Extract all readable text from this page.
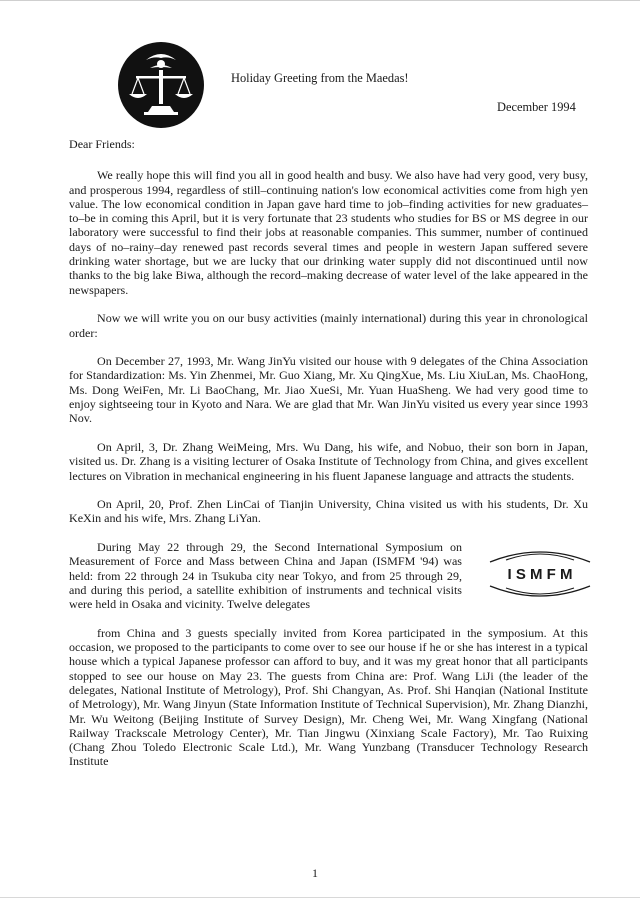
Holiday Greeting from the Maedas!
December 1994

Dear Friends:

We really hope this will find you all in good health and busy. We also have had very good, very busy, and prosperous 1994, regardless of still–continuing nation's low economical activities come from high yen value. The low economical condition in Japan gave hard time to job–finding activities for new graduates–to–be in coming this April, but it is very fortunate that 23 students who studies for BS or MS degree in our laboratory were successful to find their jobs at reasonable companies. This summer, number of continued days of no–rainy–day renewed past records several times and people in western Japan suffered severe drinking water shortage, but we are lucky that our drinking water supply did not discontinued until now thanks to the big lake Biwa, although the record–making decrease of water level of the lake appeared in the newspapers.

Now we will write you on our busy activities (mainly international) during this year in chronological order:

On December 27, 1993, Mr. Wang JinYu visited our house with 9 delegates of the China Association for Standardization: Ms. Yin Zhenmei, Mr. Guo Xiang, Mr. Xu QingXue, Ms. Liu XiuLan, Ms. ChaoHong, Ms. Dong WeiFen, Mr. Li BaoChang, Mr. Jiao XueSi, Mr. Yuan HuaSheng. We had very good time to enjoy sightseeing tour in Kyoto and Nara. We are glad that Mr. Wan JinYu visited us every year since 1993 Nov.

On April, 3, Dr. Zhang WeiMeing, Mrs. Wu Dang, his wife, and Nobuo, their son born in Japan, visited us. Dr. Zhang is a visiting lecturer of Osaka Institute of Technology from China, and gives excellent lectures on Vibration in mechanical engineering in his fluent Japanese language and attracts the students.

On April, 20, Prof. Zhen LinCai of Tianjin University, China visited us with his students, Dr. Xu KeXin and his wife, Mrs. Zhang LiYan.

During May 22 through 29, the Second International Symposium on Measurement of Force and Mass between China and Japan (ISMFM '94) was held: from 22 through 24 in Tsukuba city near Tokyo, and from 25 through 29, and during this period, a satellite exhibition of instruments and technical visits were held in Osaka and vicinity. Twelve delegates

I S M F M

from China and 3 guests specially invited from Korea participated in the symposium. At this occasion, we proposed to the participants to come over to see our house if he or she has interest in a typical house which a typical Japanese professor can afford to buy, and it was my great honor that all participants stopped to see our house on May 23. The guests from China are: Prof. Wang LiJi (the leader of the delegates, National Institute of Metrology), Prof. Shi Changyan, As. Prof. Shi Hanqian (National Institute of Metrology), Mr. Wang Jinyun (State Information Institute of Technical Supervision), Mr. Zhang Dianzhi, Mr. Wu Weitong (Beijing Institute of Survey Design), Mr. Cheng Wei, Mr. Wang Xingfang (National Railway Trackscale Metrology Center), Mr. Tian Jingwu (Xinxiang Scale Factory), Mr. Tao Ruixing (Chang Zhou Toledo Electronic Scale Ltd.), Mr. Wang Yunzbang (Transducer Technology Research Institute

1
